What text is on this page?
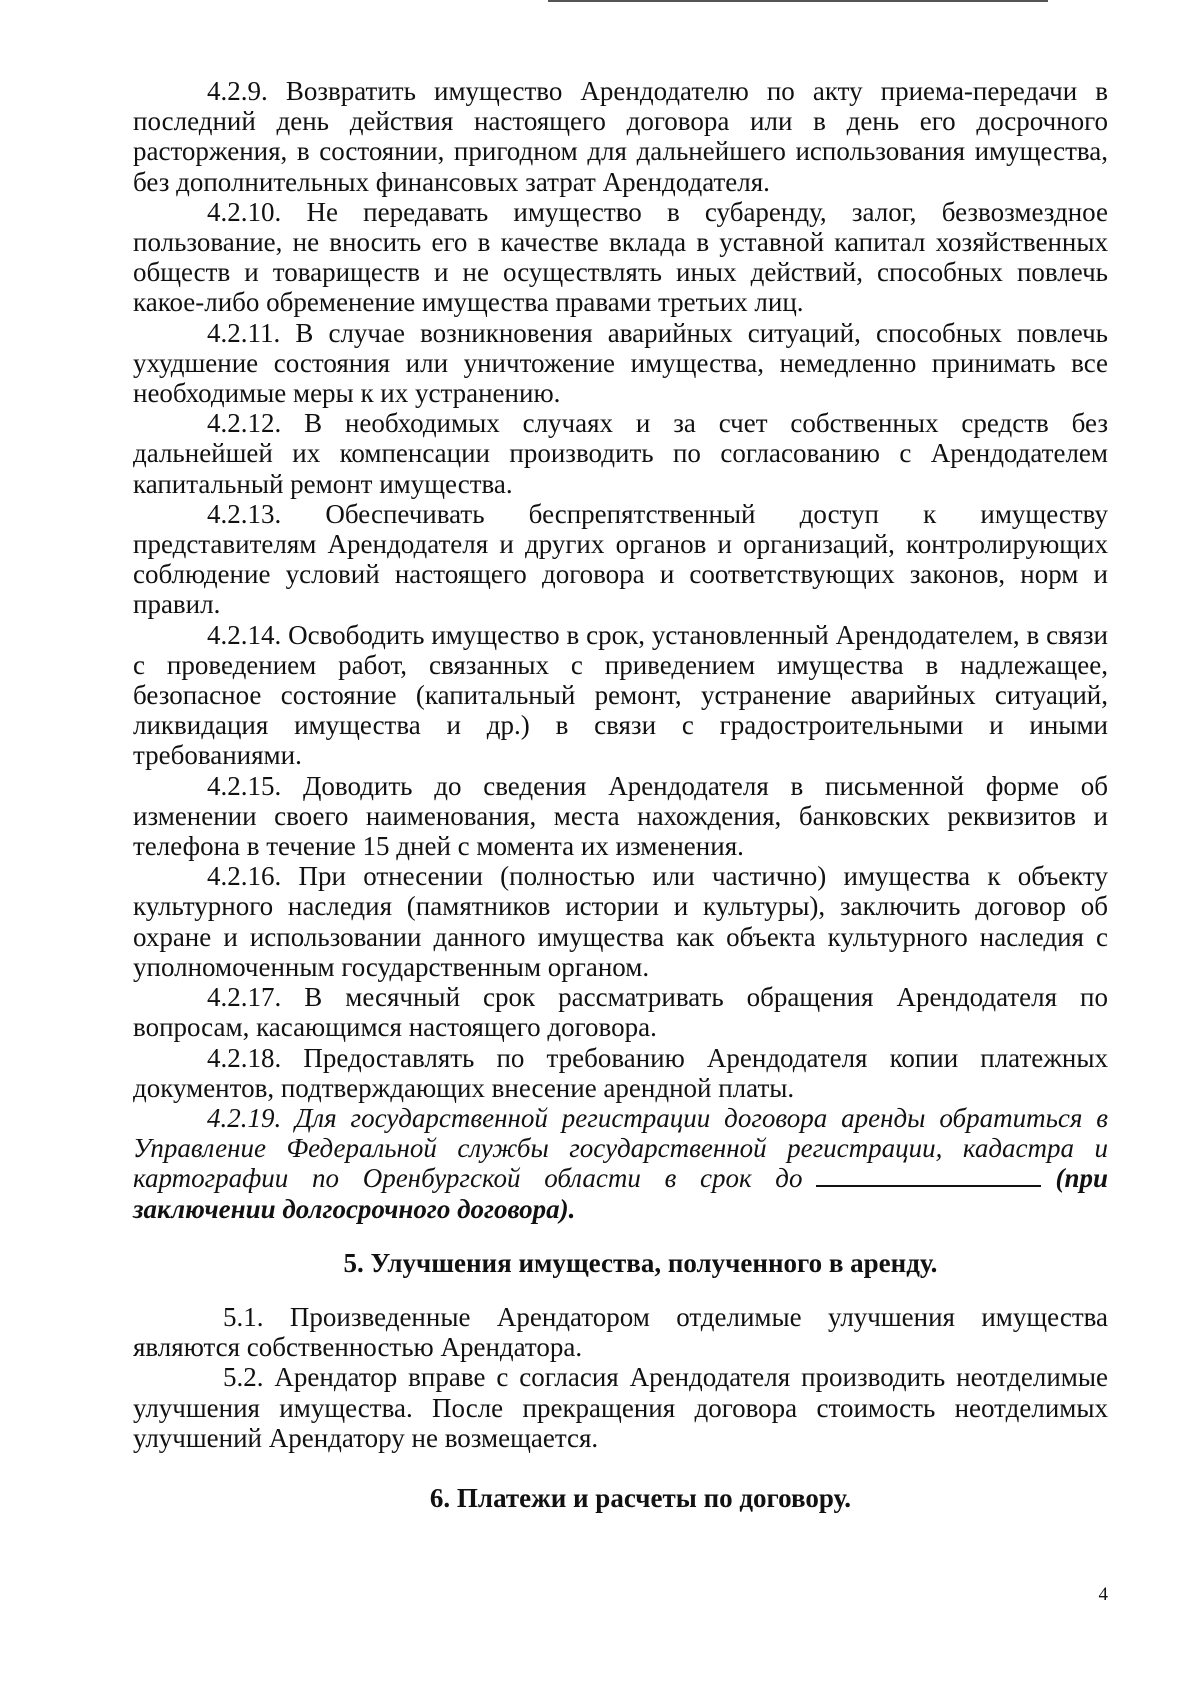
4.2.9. Возвратить имущество Арендодателю по акту приема-передачи в последний день действия настоящего договора или в день его досрочного расторжения, в состоянии, пригодном для дальнейшего использования имущества, без дополнительных финансовых затрат Арендодателя.

4.2.10. Не передавать имущество в субаренду, залог, безвозмездное пользование, не вносить его в качестве вклада в уставной капитал хозяйственных обществ и товариществ и не осуществлять иных действий, способных повлечь какое-либо обременение имущества правами третьих лиц.

4.2.11. В случае возникновения аварийных ситуаций, способных повлечь ухудшение состояния или уничтожение имущества, немедленно принимать все необходимые меры к их устранению.

4.2.12. В необходимых случаях и за счет собственных средств без дальнейшей их компенсации производить по согласованию с Арендодателем капитальный ремонт имущества.

4.2.13. Обеспечивать беспрепятственный доступ к имуществу представителям Арендодателя и других органов и организаций, контролирующих соблюдение условий настоящего договора и соответствующих законов, норм и правил.

4.2.14. Освободить имущество в срок, установленный Арендодателем, в связи с проведением работ, связанных с приведением имущества в надлежащее, безопасное состояние (капитальный ремонт, устранение аварийных ситуаций, ликвидация имущества и др.) в связи с градостроительными и иными требованиями.

4.2.15. Доводить до сведения Арендодателя в письменной форме об изменении своего наименования, места нахождения, банковских реквизитов и телефона в течение 15 дней с момента их изменения.

4.2.16. При отнесении (полностью или частично) имущества к объекту культурного наследия (памятников истории и культуры), заключить договор об охране и использовании данного имущества как объекта культурного наследия с уполномоченным государственным органом.

4.2.17. В месячный срок рассматривать обращения Арендодателя по вопросам, касающимся настоящего договора.

4.2.18. Предоставлять по требованию Арендодателя копии платежных документов, подтверждающих внесение арендной платы.

4.2.19. Для государственной регистрации договора аренды обратиться в Управление Федеральной службы государственной регистрации, кадастра и картографии по Оренбургской области в срок до	(при заключении долгосрочного договора).

5. Улучшения имущества, полученного в аренду.

5.1. Произведенные Арендатором отделимые улучшения имущества являются собственностью Арендатора.

5.2. Арендатор вправе с согласия Арендодателя производить неотделимые улучшения имущества. После прекращения договора стоимость неотделимых улучшений Арендатору не возмещается.

6. Платежи и расчеты по договору.
4
